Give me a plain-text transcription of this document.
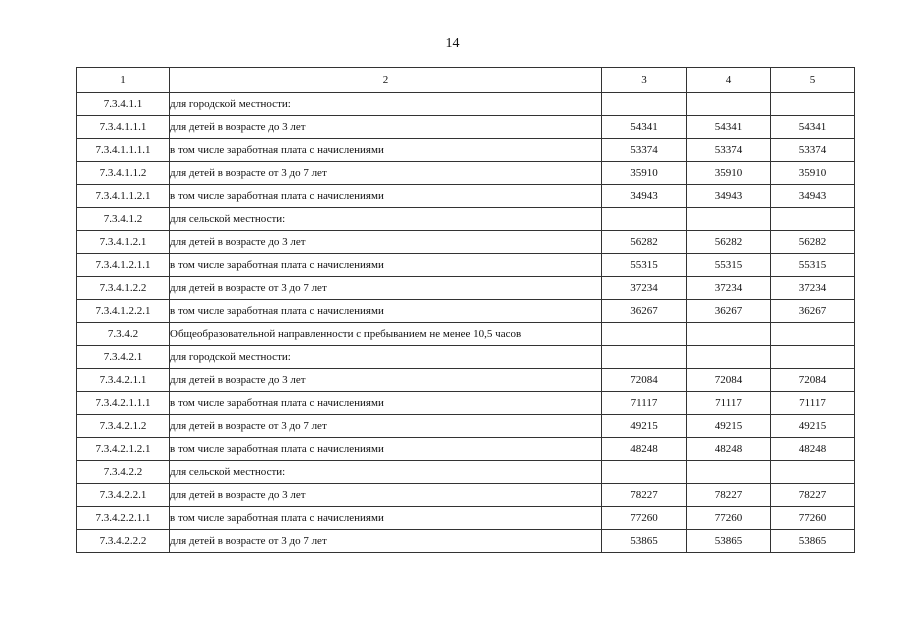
14
1	2	3	4	5
7.3.4.1.1	для городской местности:			
7.3.4.1.1.1	для детей в возрасте до 3 лет	54341	54341	54341
7.3.4.1.1.1.1	в том числе заработная плата с начислениями	53374	53374	53374
7.3.4.1.1.2	для детей в возрасте от 3 до 7 лет	35910	35910	35910
7.3.4.1.1.2.1	в том числе заработная плата с начислениями	34943	34943	34943
7.3.4.1.2	для сельской местности:			
7.3.4.1.2.1	для детей в возрасте до 3 лет	56282	56282	56282
7.3.4.1.2.1.1	в том числе заработная плата с начислениями	55315	55315	55315
7.3.4.1.2.2	для детей в возрасте от 3 до 7 лет	37234	37234	37234
7.3.4.1.2.2.1	в том числе заработная плата с начислениями	36267	36267	36267
7.3.4.2	Общеобразовательной направленности с пребыванием не менее 10,5 часов			
7.3.4.2.1	для городской местности:			
7.3.4.2.1.1	для детей в возрасте до 3 лет	72084	72084	72084
7.3.4.2.1.1.1	в том числе заработная плата с начислениями	71117	71117	71117
7.3.4.2.1.2	для детей в возрасте от 3 до 7 лет	49215	49215	49215
7.3.4.2.1.2.1	в том числе заработная плата с начислениями	48248	48248	48248
7.3.4.2.2	для сельской местности:			
7.3.4.2.2.1	для детей в возрасте до 3 лет	78227	78227	78227
7.3.4.2.2.1.1	в том числе заработная плата с начислениями	77260	77260	77260
7.3.4.2.2.2	для детей в возрасте от 3 до 7 лет	53865	53865	53865
